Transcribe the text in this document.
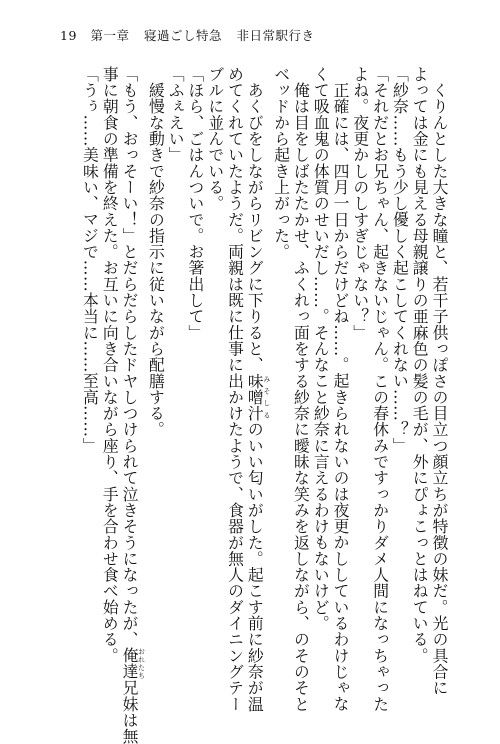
19 第一章 寝過ごし特急 非日常駅行き

　くりんとした大きな瞳と、若干子供っぽさの目立つ顔立ちが特徴の妹だ。光の具合に

よっては金にも見える母親譲りの亜麻色の髪の毛が、外にぴょこっとはねている。

「紗奈……もう少し優しく起こしてくれない……？」

「それだとお兄ちゃん、起きないじゃん。この春休みですっかりダメ人間になっちゃった

よね。夜更かしのしすぎじゃない？」

　正確には、四月一日からだけどね……。起きられないのは夜更かししているわけじゃな

くて吸血鬼の体質のせいだし……。そんなこと紗奈に言えるわけもないけど。

　俺は目をしばたたかせ、ふくれっ面をする紗奈に曖昧な笑みを返しながら、のそのそと

ベッドから起き上がった。

　あくびをしながらリビングに下りると、味噌汁みそしるのいい匂いがした。起こす前に紗奈が温

めてくれていたようだ。両親は既に仕事に出かけたようで、食器が無人のダイニングテー

ブルに並んでいる。

「ほら、ごはんついで。お箸出して」

「ふぇえい」

　緩慢な動きで紗奈の指示に従いながら配膳する。

「もう、おっそーい！」とだらだらしたドヤしつけられて泣きそうになったが、俺達おれたち兄妹は無

事に朝食の準備を終えた。お互いに向き合いながら座り、手を合わせ食べ始める。

「うぅ……美味い、マジで……本当に……至高……」
